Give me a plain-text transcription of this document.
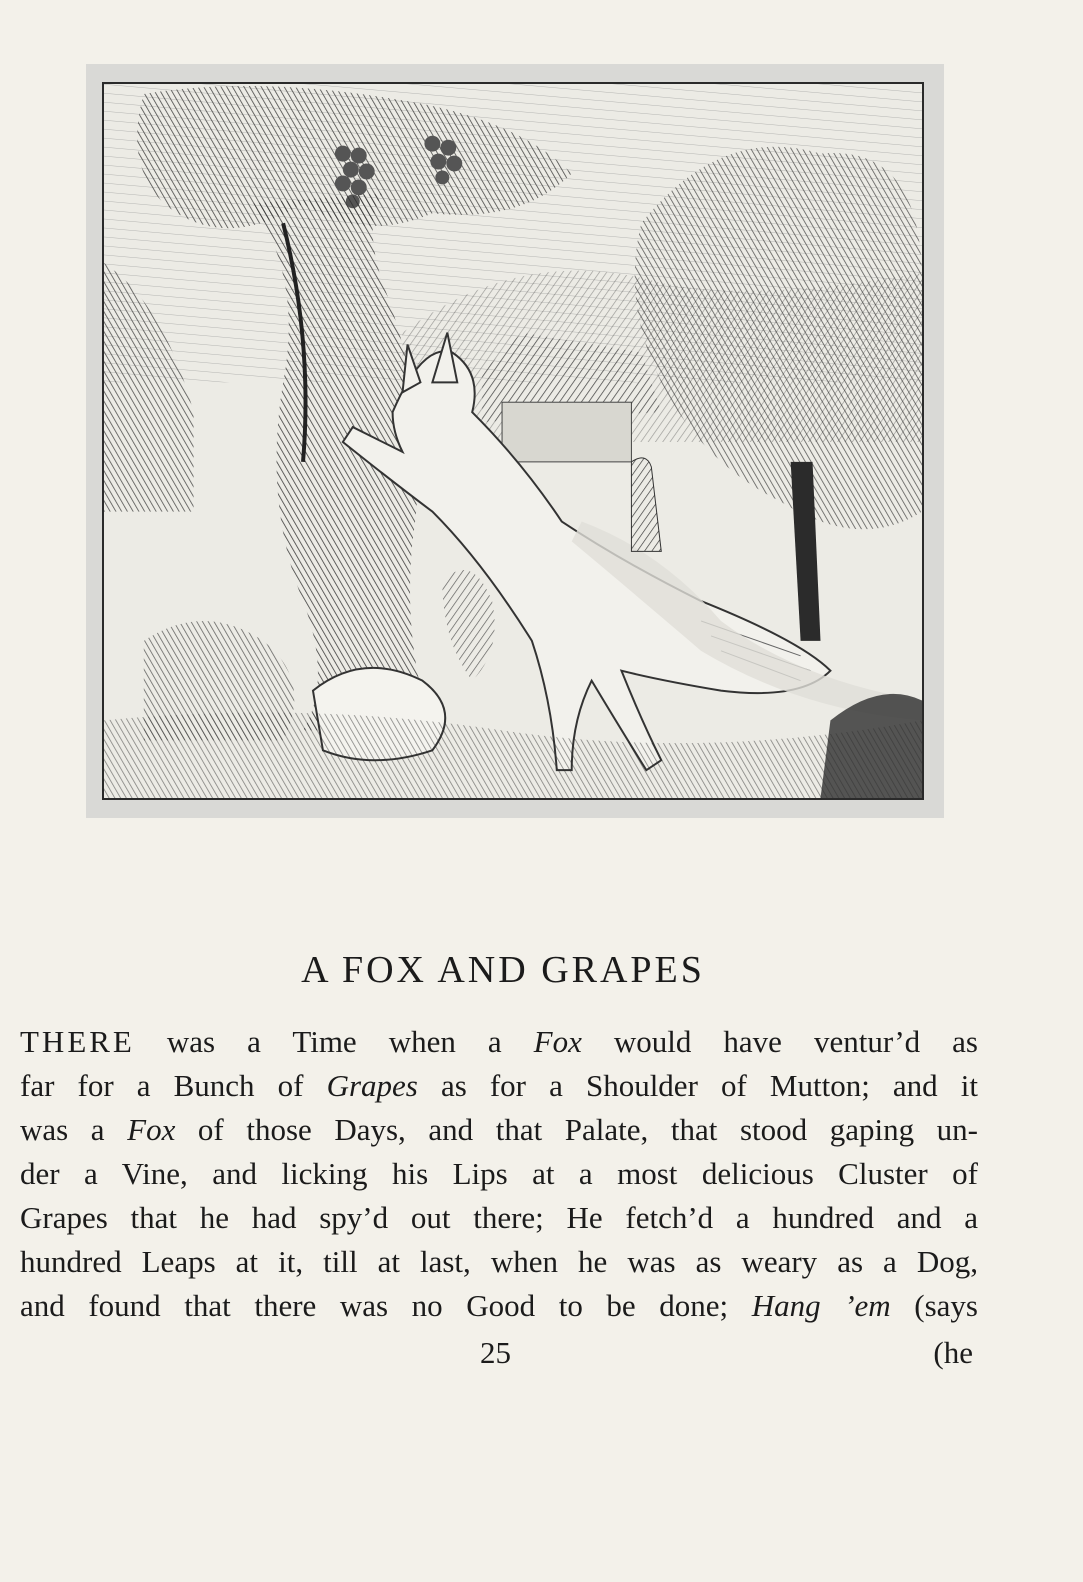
A FOX AND GRAPES
THERE was a Time when a Fox would have ventur’d as
far for a Bunch of Grapes as for a Shoulder of Mutton; and it
was a Fox of those Days, and that Palate, that stood gaping un-
der a Vine, and licking his Lips at a most delicious Cluster of
Grapes that he had spy’d out there; He fetch’d a hundred and a
hundred Leaps at it, till at last, when he was as weary as a Dog,
and found that there was no Good to be done; Hang ’em (says
25	(he
